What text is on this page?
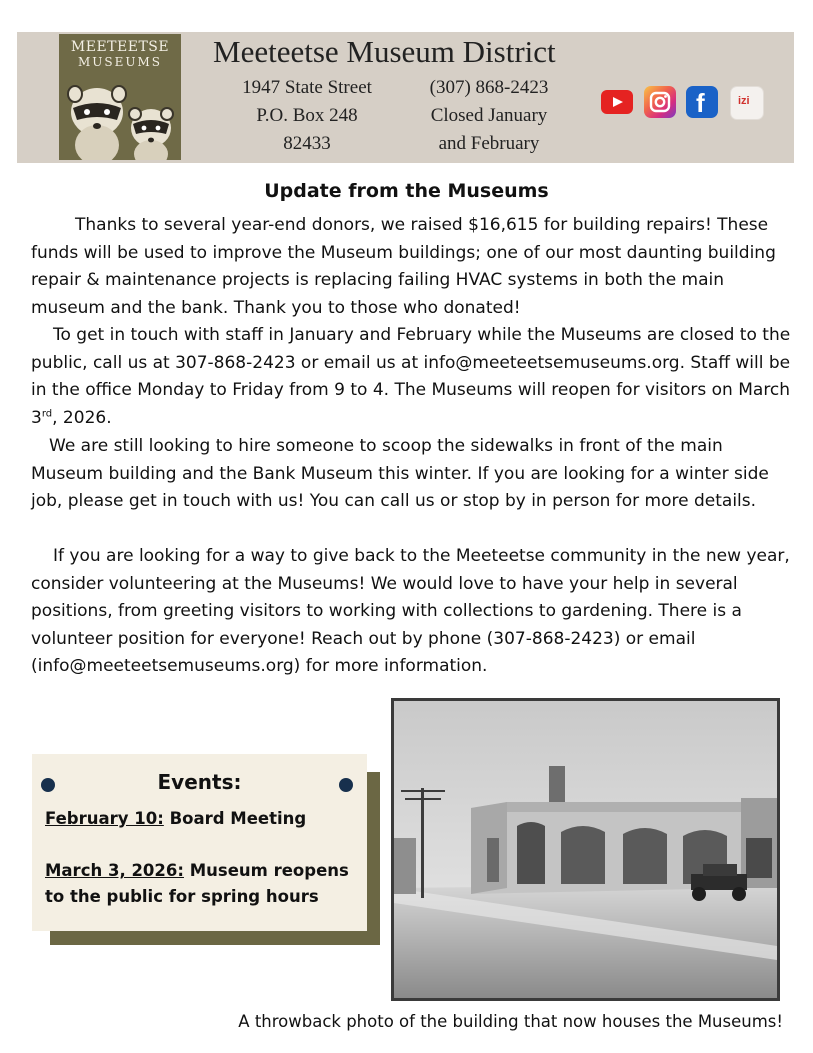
MEETEETSE
MUSEUMS	Meeteetse Museum District
1947 State Street
P.O. Box 248
82433
(307) 868-2423
Closed January
and February
f	izi
Update from the Museums

Thanks to several year-end donors, we raised $16,615 for building repairs! These funds will be used to improve the Museum buildings; one of our most daunting building repair & maintenance projects is replacing failing HVAC systems in both the main museum and the bank. Thank you to those who donated!

To get in touch with staff in January and February while the Museums are closed to the public, call us at 307-868-2423 or email us at info@meeteetsemuseums.org. Staff will be in the office Monday to Friday from 9 to 4. The Museums will reopen for visitors on March 3rd, 2026.

We are still looking to hire someone to scoop the sidewalks in front of the main Museum building and the Bank Museum this winter. If you are looking for a winter side job, please get in touch with us! You can call us or stop by in person for more details.

If you are looking for a way to give back to the Meeteetse community in the new year, consider volunteering at the Museums! We would love to have your help in several positions, from greeting visitors to working with collections to gardening. There is a volunteer position for everyone! Reach out by phone (307-868-2423) or email (info@meeteetsemuseums.org) for more information.

Events:
February 10: Board Meeting
March 3, 2026: Museum reopens to the public for spring hours
A throwback photo of the building that now houses the Museums!
